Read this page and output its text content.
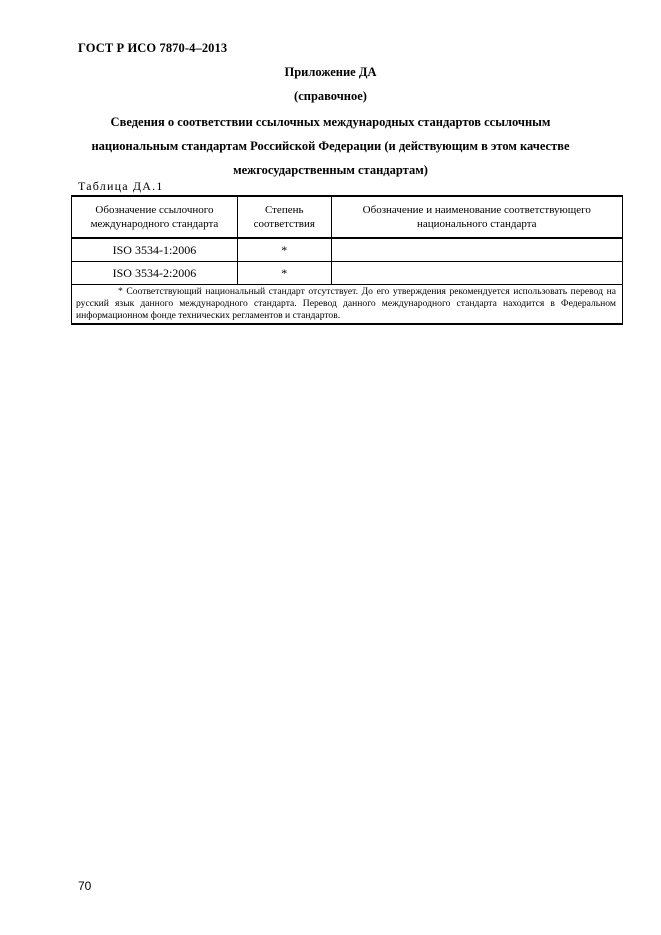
ГОСТ Р ИСО 7870-4–2013
Приложение ДА
(справочное)
Сведения о соответствии ссылочных международных стандартов ссылочным
национальным стандартам Российской Федерации (и действующим в этом качестве
межгосударственным стандартам)
Таблица ДА.1
Обозначение ссылочного международного стандарта	Степень соответствия	Обозначение и наименование соответствующего национального стандарта
ISO 3534-1:2006	*	
ISO 3534-2:2006	*	
* Соответствующий национальный стандарт отсутствует. До его утверждения рекомендуется использовать перевод на русский язык данного международного стандарта. Перевод данного международного стандарта находится в Федеральном информационном фонде технических регламентов и стандартов.		
70
